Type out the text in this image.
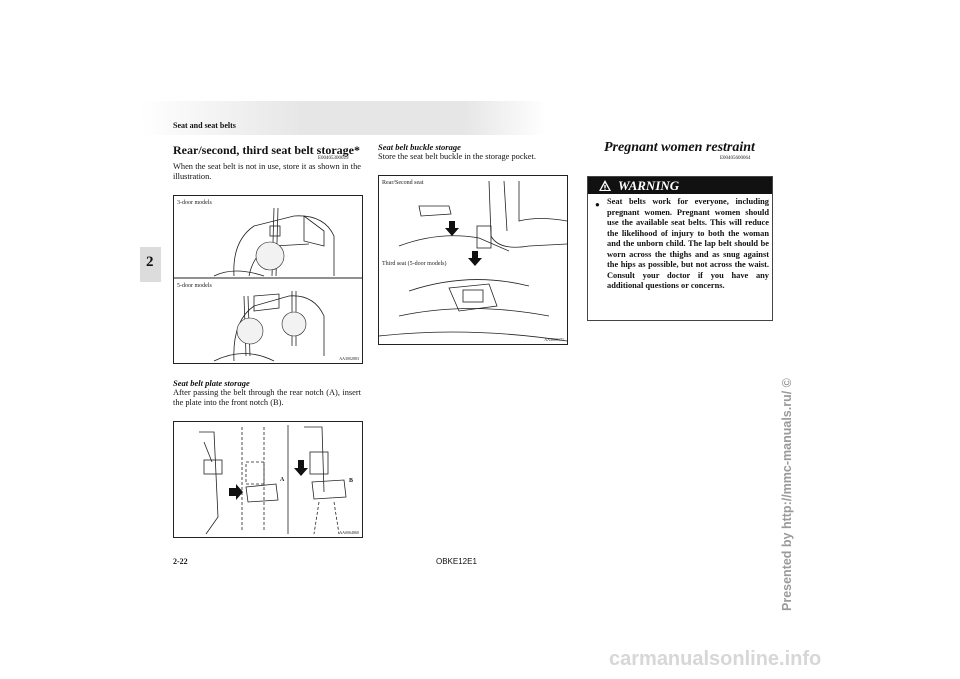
Seat and seat belts
2
Rear/second, third seat belt storage*
E00405300029
When the seat belt is not in use, store it as shown in the illustration.
3-door models
5-door models
AA3002883
Seat belt plate storage
After passing the belt through the rear notch (A), insert the plate into the front notch (B).
A	B
AA0064860
Seat belt buckle storage
Store the seat belt buckle in the storage pocket.
Rear/Second seat
Third seat (5-door models)
AA3000171
Pregnant women restraint
E00405600064
WARNING
● Seat belts work for everyone, including pregnant women. Pregnant women should use the available seat belts. This will reduce the likelihood of injury to both the woman and the unborn child. The lap belt should be worn across the thighs and as snug against the hips as possible, but not across the waist. Consult your doctor if you have any additional questions or concerns.
2-22	OBKE12E1	Presented by http://mmc-manuals.ru/ ©
carmanualsonline.info
